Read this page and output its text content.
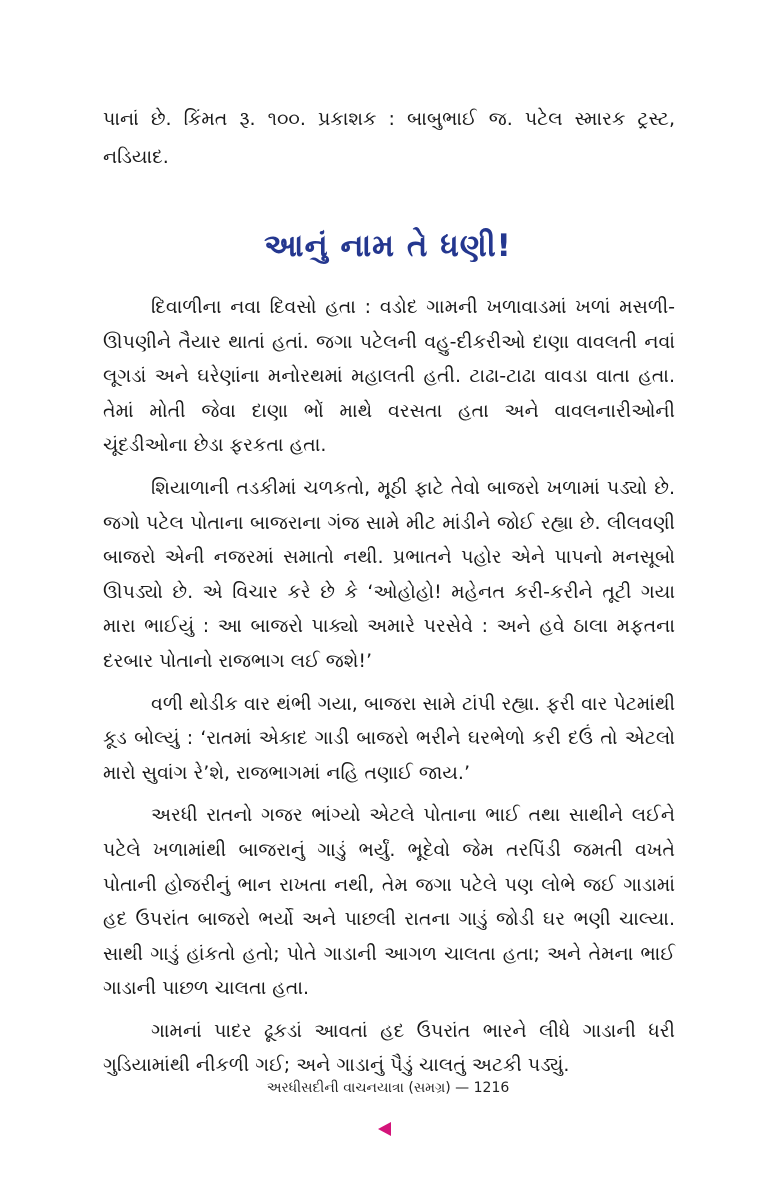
પાનાં છે. કિંમત રૂ. ૧૦૦. પ્રકાશક : બાબુભાઈ જ. પટેલ સ્મારક ટ્રસ્ટ, નડિયાદ.

આનું નામ તે ધણી!

દિવાળીના નવા દિવસો હતા : વડોદ ગામની ખળાવાડમાં ખળાં મસળી-ઊપણીને તૈયાર થાતાં હતાં. જગા પટેલની વહુ-દીકરીઓ દાણા વાવલતી નવાં લૂગડાં અને ઘરેણાંના મનોરથમાં મહાલતી હતી. ટાઢા-ટાઢા વાવડા વાતા હતા. તેમાં મોતી જેવા દાણા ભોં માથે વરસતા હતા અને વાવલનારીઓની ચૂંદડીઓના છેડા ફરકતા હતા.

શિયાળાની તડકીમાં ચળકતો, મૂઠી ફાટે તેવો બાજરો ખળામાં પડ્યો છે. જગો પટેલ પોતાના બાજરાના ગંજ સામે મીટ માંડીને જોઈ રહ્યા છે. લીલવણી બાજરો એની નજરમાં સમાતો નથી. પ્રભાતને પહોર એને પાપનો મનસૂબો ઊપડ્યો છે. એ વિચાર કરે છે કે ‘ઓહોહો! મહેનત કરી-કરીને તૂટી ગયા મારા ભાઈયું : આ બાજરો પાક્યો અમારે પરસેવે : અને હવે ઠાલા મફતના દરબાર પોતાનો રાજભાગ લઈ જશે!’

વળી થોડીક વાર થંભી ગયા, બાજરા સામે ટાંપી રહ્યા. ફરી વાર પેટમાંથી કૂડ બોલ્યું : ‘રાતમાં એકાદ ગાડી બાજરો ભરીને ઘરભેળો કરી દઉં તો એટલો મારો સુવાંગ રે’શે, રાજભાગમાં નહિ તણાઈ જાય.’

અરધી રાતનો ગજર ભાંગ્યો એટલે પોતાના ભાઈ તથા સાથીને લઈને પટેલે ખળામાંથી બાજરાનું ગાડું ભર્યું. ભૂદેવો જેમ તરપિંડી જમતી વખતે પોતાની હોજરીનું ભાન રાખતા નથી, તેમ જગા પટેલે પણ લોભે જઈ ગાડામાં હદ ઉપરાંત બાજરો ભર્યો અને પાછલી રાતના ગાડું જોડી ઘર ભણી ચાલ્યા. સાથી ગાડું હાંકતો હતો; પોતે ગાડાની આગળ ચાલતા હતા; અને તેમના ભાઈ ગાડાની પાછળ ચાલતા હતા.

ગામનાં પાદર ઢૂકડાં આવતાં હદ ઉપરાંત ભારને લીધે ગાડાની ધરી ગુડિયામાંથી નીકળી ગઈ; અને ગાડાનું પૈડું ચાલતું અટકી પડ્યું.

અરધીસદીની વાચનયાત્રા (સમગ્ર) — 1216
